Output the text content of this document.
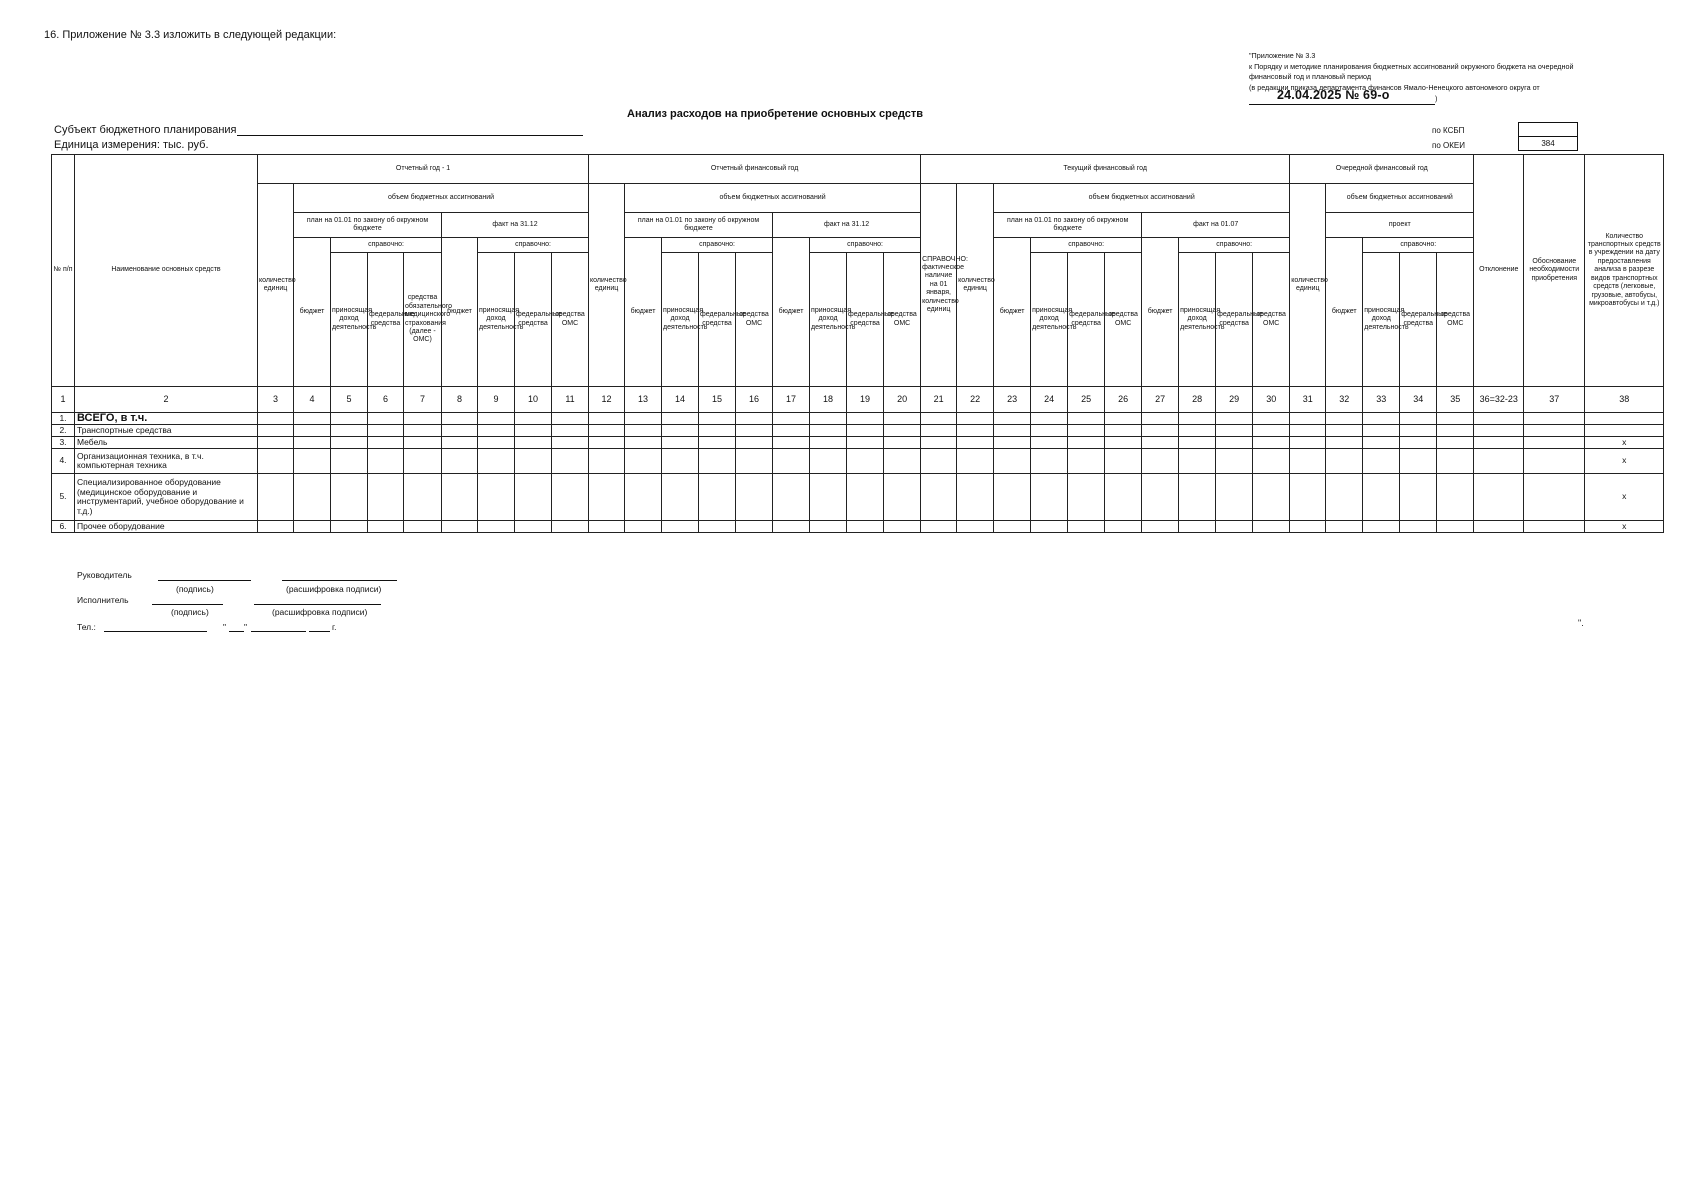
16. Приложение № 3.3 изложить в следующей редакции:
"Приложение № 3.3
к Порядку и методике планирования бюджетных ассигнований окружного бюджета на очередной
финансовый год и плановый период
(в редакции приказа департамента финансов Ямало-Ненецкого автономного округа от
24.04.2025 № 69-о	)
Анализ расходов на приобретение основных средств
Субъект бюджетного планирования
Единица измерения: тыс. руб.
по КСБП
по ОКЕИ	384
№ п/п	Наименование основных средств	Отчетный год - 1									Отчетный финансовый год									Текущий финансовый год										Очередной финансовый год					Отклонение	Обоснование необходимости приобретения	Количество транспортных средств в учреждении на дату предоставления анализа в разрезе видов транспортных средств (легковые, грузовые, автобусы, микроавтобусы и т.д.)
		количество единиц	объем бюджетных ассигнований								количество единиц	объем бюджетных ассигнований								СПРАВОЧНО: фактическое наличие на 01 января, количество единиц	количество единиц	объем бюджетных ассигнований								количество единиц	объем бюджетных ассигнований						
			план на 01.01 по закону об окружном бюджете				факт на 31.12					план на 01.01 по закону об окружном бюджете				факт на 31.12						план на 01.01 по закону об окружном бюджете				факт на 01.07					проект						
			бюджет	справочно:			бюджет	справочно:				бюджет	справочно:			бюджет	справочно:					бюджет	справочно:			бюджет	справочно:				бюджет	справочно:					
				приносящая доход деятельность	федеральные средства	средства обязательного медицинского страхования (далее - ОМС)		приносящая доход деятельность	федеральные средства	средства ОМС			приносящая доход деятельность	федеральные средства	средства ОМС		приносящая доход деятельность	федеральные средства	средства ОМС				приносящая доход деятельность	федеральные средства	средства ОМС		приносящая доход деятельность	федеральные средства	средства ОМС			приносящая доход деятельность	федеральные средства	средства ОМС			
1	2	3	4	5	6	7	8	9	10	11	12	13	14	15	16	17	18	19	20	21	22	23	24	25	26	27	28	29	30	31	32	33	34	35	36=32-23	37	38
1.	ВСЕГО, в т.ч.																																				
2.	Транспортные средства																																				
3.	Мебель																																				x
4.	Организационная техника, в т.ч. компьютерная техника																																				x
5.	Специализированное оборудование (медицинское оборудование и инструментарий, учебное оборудование и т.д.)																																				x
6.	Прочее оборудование																																				x
Руководитель
(подпись)	(расшифровка подписи)
Исполнитель
(подпись)	(расшифровка подписи)
Тел.:	" "	г.	".
